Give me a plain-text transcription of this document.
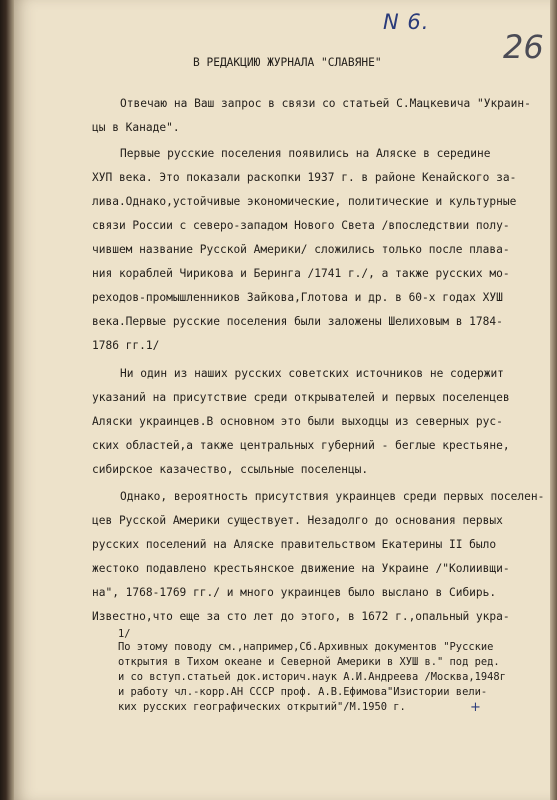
N 6.
26
В РЕДАКЦИЮ ЖУРНАЛА "СЛАВЯНЕ"
Отвечаю на Ваш запрос в связи со статьей С.Мацкевича "Украин-
цы в Канаде".
Первые русские поселения появились на Аляске в середине
ХУП века. Это показали раскопки 1937 г. в районе Кенайского за-
лива.Однако,устойчивые экономические, политические и культурные
связи России с северо-западом Нового Света /впоследствии полу-
чившем название Русской Америки/ сложились только после плава-
ния кораблей Чирикова и Беринга /1741 г./, а также русских мо-
реходов-промышленников Зайкова,Глотова и др. в 60-х годах ХУШ
века.Первые русские поселения были заложены Шелиховым в 1784-
1786 гг.1/
Ни один из наших русских советских источников не содержит
указаний на присутствие среди открывателей и первых поселенцев
Аляски украинцев.В основном это были выходцы из северных рус-
ских областей,а также центральных губерний - беглые крестьяне,
сибирское казачество, ссыльные поселенцы.
Однако, вероятность присутствия украинцев среди первых поселен-
цев Русской Америки существует. Незадолго до основания первых
русских поселений на Аляске правительством Екатерины II было
жестоко подавлено крестьянское движение на Украине /"Колиивщи-
на", 1768-1769 гг./ и много украинцев было выслано в Сибирь.
Известно,что еще за сто лет до этого, в 1672 г.,опальный укра-
1/
По этому поводу см.,например,Сб.Архивных документов "Русские
открытия в Тихом океане и Северной Америки в ХУШ в." под ред.
и со вступ.статьей док.историч.наук А.И.Андреева /Москва,1948г
и работу чл.-корр.АН СССР проф. А.В.Ефимова"Изистории вели-
ких русских географических открытий"/М.1950 г.	+
